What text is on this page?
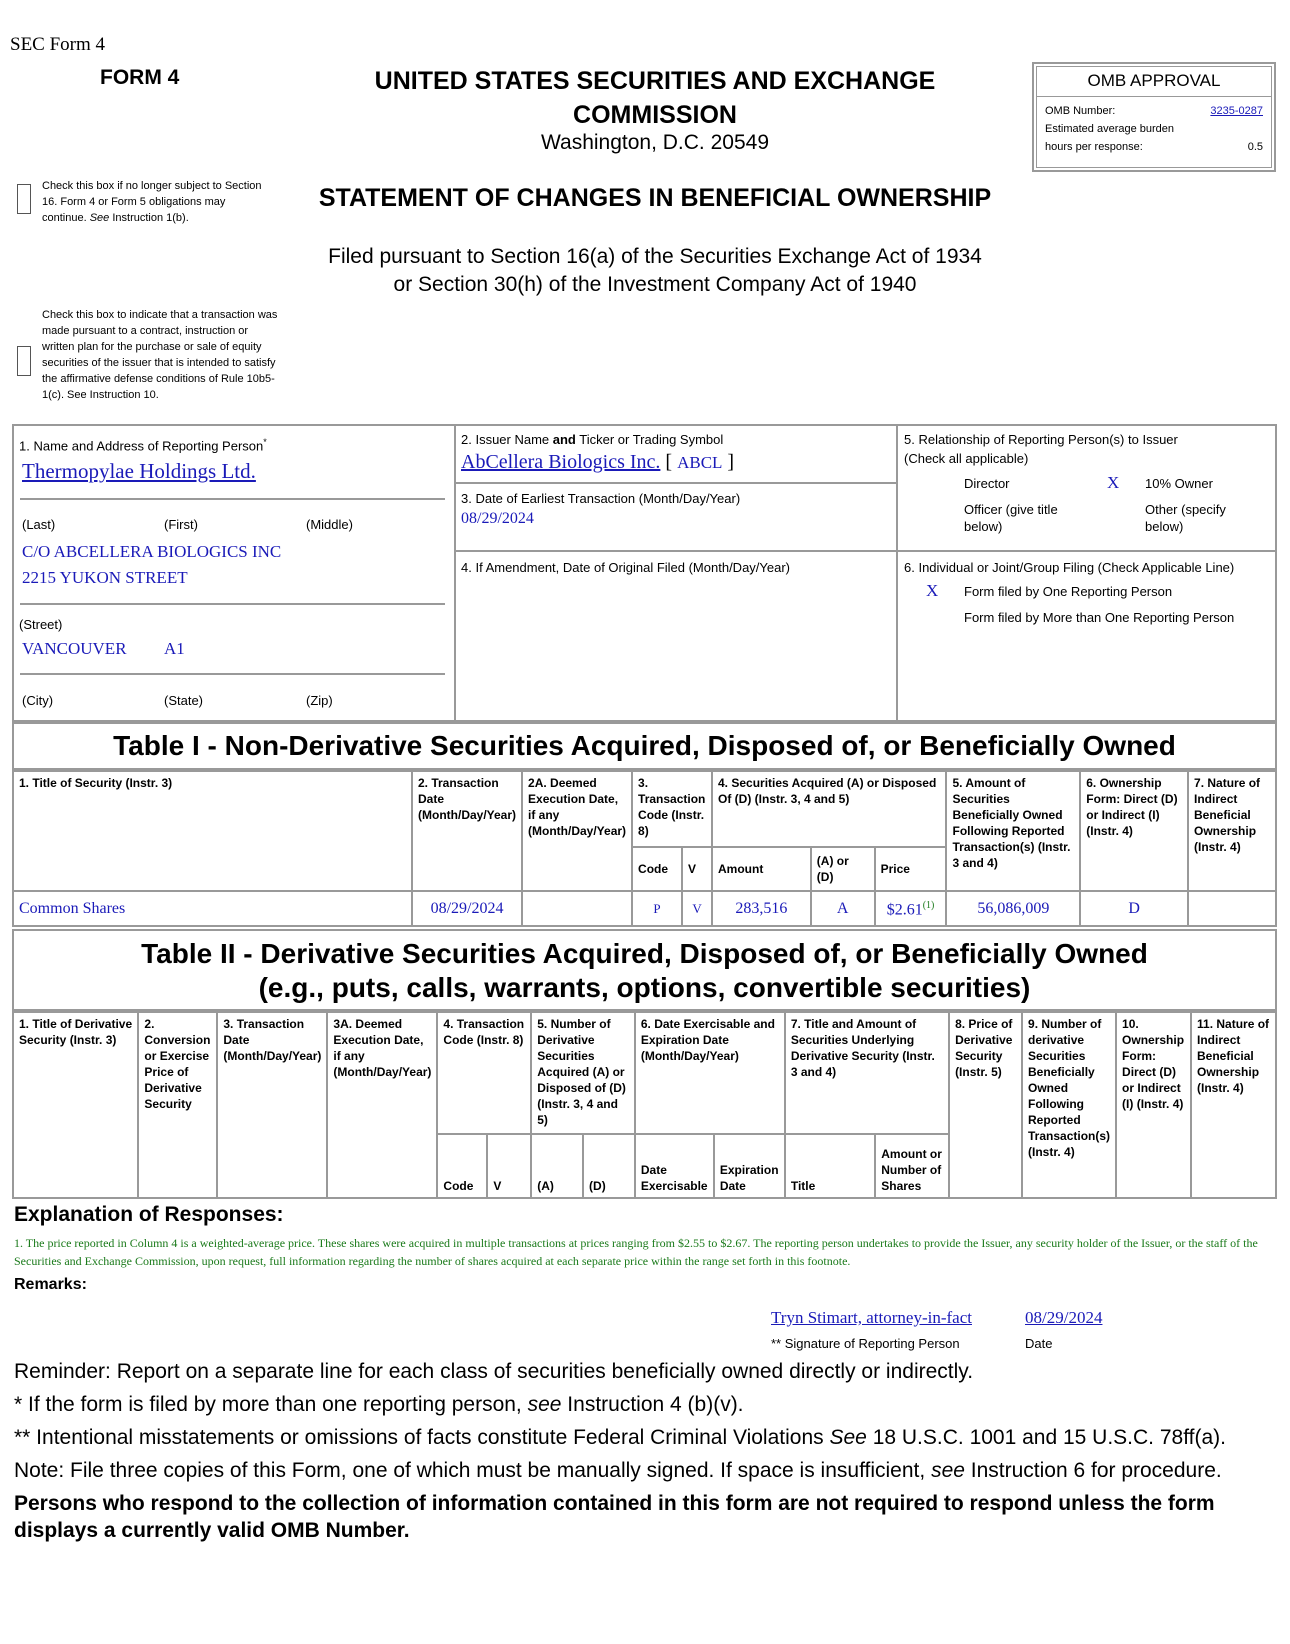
SEC Form 4
FORM 4	UNITED STATES SECURITIES AND EXCHANGE
COMMISSION
Washington, D.C. 20549
OMB APPROVAL
OMB Number:	3235-0287
Estimated average burden
hours per response:	0.5
Check this box if no longer subject to Section 16. Form 4 or Form 5 obligations may continue. See Instruction 1(b).
STATEMENT OF CHANGES IN BENEFICIAL OWNERSHIP
Filed pursuant to Section 16(a) of the Securities Exchange Act of 1934
or Section 30(h) of the Investment Company Act of 1940
Check this box to indicate that a transaction was made pursuant to a contract, instruction or written plan for the purchase or sale of equity securities of the issuer that is intended to satisfy the affirmative defense conditions of Rule 10b5-1(c). See Instruction 10.
1. Name and Address of Reporting Person*
Thermopylae Holdings Ltd.
(Last)	(First)	(Middle)
C/O ABCELLERA BIOLOGICS INC
2215 YUKON STREET
(Street)
VANCOUVER A1
(City)	(State)	(Zip)
2. Issuer Name and Ticker or Trading Symbol
AbCellera Biologics Inc. [ ABCL ]
3. Date of Earliest Transaction (Month/Day/Year)
08/29/2024
4. If Amendment, Date of Original Filed (Month/Day/Year)
5. Relationship of Reporting Person(s) to Issuer
(Check all applicable)
Director	X 10% Owner
Officer (give title below)
Other (specify below)
6. Individual or Joint/Group Filing (Check Applicable Line)
X Form filed by One Reporting Person
Form filed by More than One Reporting Person
Table I - Non-Derivative Securities Acquired, Disposed of, or Beneficially Owned
1. Title of Security (Instr. 3)	2. Transaction Date (Month/Day/Year)	2A. Deemed Execution Date, if any (Month/Day/Year)	3. Transaction Code (Instr. 8)		4. Securities Acquired (A) or Disposed Of (D) (Instr. 3, 4 and 5)			5. Amount of Securities Beneficially Owned Following Reported Transaction(s) (Instr. 3 and 4)	6. Ownership Form: Direct (D) or Indirect (I) (Instr. 4)	7. Nature of Indirect Beneficial Ownership (Instr. 4)
			Code	V	Amount	(A) or (D)	Price			
Common Shares	08/29/2024		P	V	283,516	A	$2.61$^{(1)}$	56,086,009	D	
Table II - Derivative Securities Acquired, Disposed of, or Beneficially Owned
(e.g., puts, calls, warrants, options, convertible securities)
1. Title of Derivative Security (Instr. 3)	2. Conversion or Exercise Price of Derivative Security	3. Transaction Date (Month/Day/Year)	3A. Deemed Execution Date, if any (Month/Day/Year)	4. Transaction Code (Instr. 8)		5. Number of Derivative Securities Acquired (A) or Disposed of (D) (Instr. 3, 4 and 5)		6. Date Exercisable and Expiration Date (Month/Day/Year)		7. Title and Amount of Securities Underlying Derivative Security (Instr. 3 and 4)		8. Price of Derivative Security (Instr. 5)	9. Number of derivative Securities Beneficially Owned Following Reported Transaction(s) (Instr. 4)	10. Ownership Form: Direct (D) or Indirect (I) (Instr. 4)	11. Nature of Indirect Beneficial Ownership (Instr. 4)
				Code	V	(A)	(D)	Date Exercisable	Expiration Date	Title	Amount or Number of Shares				
Explanation of Responses:
1. The price reported in Column 4 is a weighted-average price. These shares were acquired in multiple transactions at prices ranging from $2.55 to $2.67. The reporting person undertakes to provide the Issuer, any security holder of the Issuer, or the staff of the Securities and Exchange Commission, upon request, full information regarding the number of shares acquired at each separate price within the range set forth in this footnote.
Remarks:
Tryn Stimart, attorney-in-fact	08/29/2024
** Signature of Reporting Person	Date
Reminder: Report on a separate line for each class of securities beneficially owned directly or indirectly.
* If the form is filed by more than one reporting person, see Instruction 4 (b)(v).
** Intentional misstatements or omissions of facts constitute Federal Criminal Violations See 18 U.S.C. 1001 and 15 U.S.C. 78ff(a).
Note: File three copies of this Form, one of which must be manually signed. If space is insufficient, see Instruction 6 for procedure.
Persons who respond to the collection of information contained in this form are not required to respond unless the form displays a currently valid OMB Number.
